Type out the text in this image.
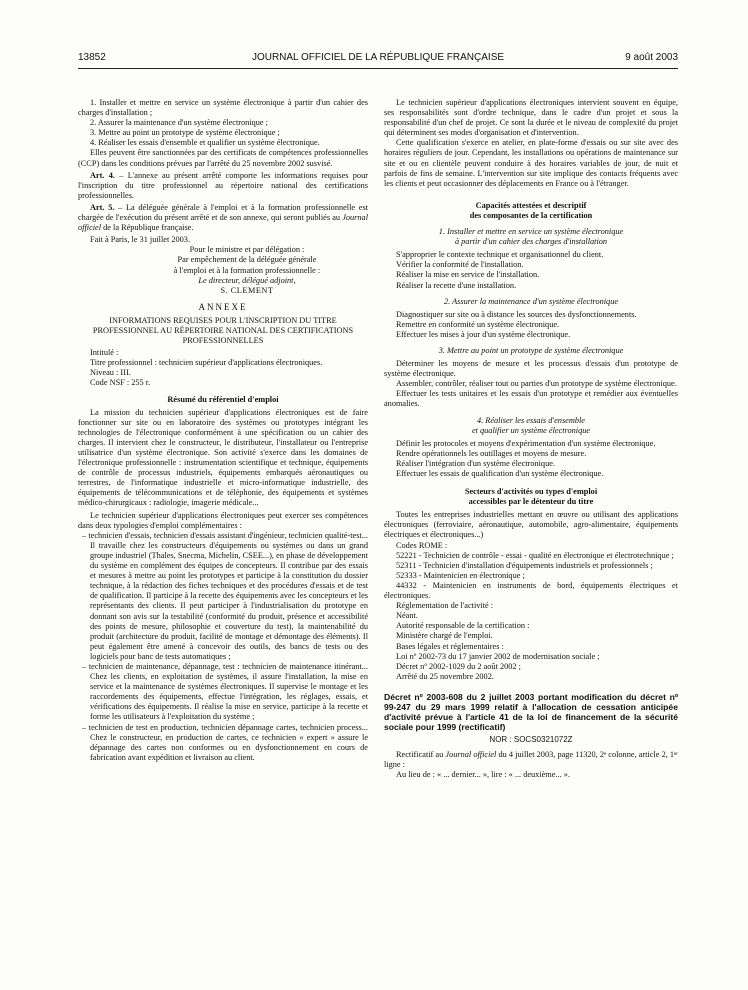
13852	JOURNAL OFFICIEL DE LA RÉPUBLIQUE FRANÇAISE	9 août 2003

1. Installer et mettre en service un système électronique à partir d'un cahier des charges d'installation ;

2. Assurer la maintenance d'un système électronique ;

3. Mettre au point un prototype de système électronique ;

4. Réaliser les essais d'ensemble et qualifier un système électronique.

Elles peuvent être sanctionnées par des certificats de compétences professionnelles (CCP) dans les conditions prévues par l'arrêté du 25 novembre 2002 susvisé.

Art. 4. – L'annexe au présent arrêté comporte les informations requises pour l'inscription du titre professionnel au répertoire national des certifications professionnelles.

Art. 5. – La déléguée générale à l'emploi et à la formation professionnelle est chargée de l'exécution du présent arrêté et de son annexe, qui seront publiés au Journal officiel de la République française.

Fait à Paris, le 31 juillet 2003.

Pour le ministre et par délégation :

Par empêchement de la déléguée générale

à l'emploi et à la formation professionnelle :

Le directeur, délégué adjoint,

S. CLEMENT

ANNEXE

INFORMATIONS REQUISES POUR L'INSCRIPTION DU TITRE PROFESSIONNEL AU RÉPERTOIRE NATIONAL DES CERTIFICATIONS PROFESSIONNELLES

Intitulé :

Titre professionnel : technicien supérieur d'applications électroniques.

Niveau : III.

Code NSF : 255 r.

Résumé du référentiel d'emploi

La mission du technicien supérieur d'applications électroniques est de faire fonctionner sur site ou en laboratoire des systèmes ou prototypes intégrant les technologies de l'électronique conformément à une spécification ou un cahier des charges. Il intervient chez le constructeur, le distributeur, l'installateur ou l'entreprise utilisatrice d'un système électronique. Son activité s'exerce dans les domaines de l'électronique professionnelle : instrumentation scientifique et technique, équipements de contrôle de processus industriels, équipements embarqués aéronautiques ou terrestres, de l'informatique industrielle et micro-informatique industrielle, des équipements de télécommunications et de téléphonie, des équipements et systèmes médico-chirurgicaux : radiologie, imagerie médicale...

Le technicien supérieur d'applications électroniques peut exercer ses compétences dans deux typologies d'emploi complémentaires :

– technicien d'essais, technicien d'essais assistant d'ingénieur, technicien qualité-test... Il travaille chez les constructeurs d'équipements ou systèmes ou dans un grand groupe industriel (Thales, Snecma, Michelin, CSEE...), en phase de développement du système en complément des équipes de concepteurs. Il contribue par des essais et mesures à mettre au point les prototypes et participe à la constitution du dossier technique, à la rédaction des fiches techniques et des procédures d'essais et de test de qualification. Il participe à la recette des équipements avec les concepteurs et les représentants des clients. Il peut participer à l'industrialisation du prototype en donnant son avis sur la testabilité (conformité du produit, présence et accessibilité des points de mesure, philosophie et couverture du test), la maintenabilité du produit (architecture du produit, facilité de montage et démontage des éléments). Il peut également être amené à concevoir des outils, des bancs de tests ou des logiciels pour banc de tests automatiques ;

– technicien de maintenance, dépannage, test : technicien de maintenance itinérant... Chez les clients, en exploitation de systèmes, il assure l'installation, la mise en service et la maintenance de systèmes électroniques. Il supervise le montage et les raccordements des équipements, effectue l'intégration, les réglages, essais, et vérifications des équipements. Il réalise la mise en service, participe à la recette et forme les utilisateurs à l'exploitation du système ;

– technicien de test en production, technicien dépannage cartes, technicien process... Chez le constructeur, en production de cartes, ce technicien « expert » assure le dépannage des cartes non conformes ou en dysfonctionnement en cours de fabrication avant expédition et livraison au client.

Le technicien supérieur d'applications électroniques intervient souvent en équipe, ses responsabilités sont d'ordre technique, dans le cadre d'un projet et sous la responsabilité d'un chef de projet. Ce sont la durée et le niveau de complexité du projet qui déterminent ses modes d'organisation et d'intervention.

Cette qualification s'exerce en atelier, en plate-forme d'essais ou sur site avec des horaires réguliers de jour. Cependant, les installations ou opérations de maintenance sur site et ou en clientèle peuvent conduire à des horaires variables de jour, de nuit et parfois de fins de semaine. L'intervention sur site implique des contacts fréquents avec les clients et peut occasionner des déplacements en France ou à l'étranger.

Capacités attestées et descriptif
des composantes de la certification

1. Installer et mettre en service un système électronique
à partir d'un cahier des charges d'installation

S'approprier le contexte technique et organisationnel du client.

Vérifier la conformité de l'installation.

Réaliser la mise en service de l'installation.

Réaliser la recette d'une installation.

2. Assurer la maintenance d'un système électronique

Diagnostiquer sur site ou à distance les sources des dysfonctionnements.

Remettre en conformité un système électronique.

Effectuer les mises à jour d'un système électronique.

3. Mettre au point un prototype de système électronique

Déterminer les moyens de mesure et les processus d'essais d'un prototype de système électronique.

Assembler, contrôler, réaliser tout ou parties d'un prototype de système électronique.

Effectuer les tests unitaires et les essais d'un prototype et remédier aux éventuelles anomalies.

4. Réaliser les essais d'ensemble
et qualifier un système électronique

Définir les protocoles et moyens d'expérimentation d'un système électronique.

Rendre opérationnels les outillages et moyens de mesure.

Réaliser l'intégration d'un système électronique.

Effectuer les essais de qualification d'un système électronique.

Secteurs d'activités ou types d'emploi
accessibles par le détenteur du titre

Toutes les entreprises industrielles mettant en œuvre ou utilisant des applications électroniques (ferroviaire, aéronautique, automobile, agro-alimentaire, équipements électriques et électroniques...)

Codes ROME :

52221 - Technicien de contrôle - essai - qualité en électronique et électrotechnique ;

52311 - Technicien d'installation d'équipements industriels et professionnels ;

52333 - Maintenicien en électronique ;

44332 - Maintenicien en instruments de bord, équipements électriques et électroniques.

Réglementation de l'activité :

Néant.

Autorité responsable de la certification :

Ministère chargé de l'emploi.

Bases légales et réglementaires :

Loi nº 2002-73 du 17 janvier 2002 de modernisation sociale ;

Décret nº 2002-1029 du 2 août 2002 ;

Arrêté du 25 novembre 2002.

Décret nº 2003-608 du 2 juillet 2003 portant modification du décret nº 99-247 du 29 mars 1999 relatif à l'allocation de cessation anticipée d'activité prévue à l'article 41 de la loi de financement de la sécurité sociale pour 1999 (rectificatif)

NOR : SOCS0321072Z

Rectificatif au Journal officiel du 4 juillet 2003, page 11320, 2ᵉ colonne, article 2, 1ᵉʳ ligne :

Au lieu de : « ... dernier... », lire : « ... deuxième... ».
